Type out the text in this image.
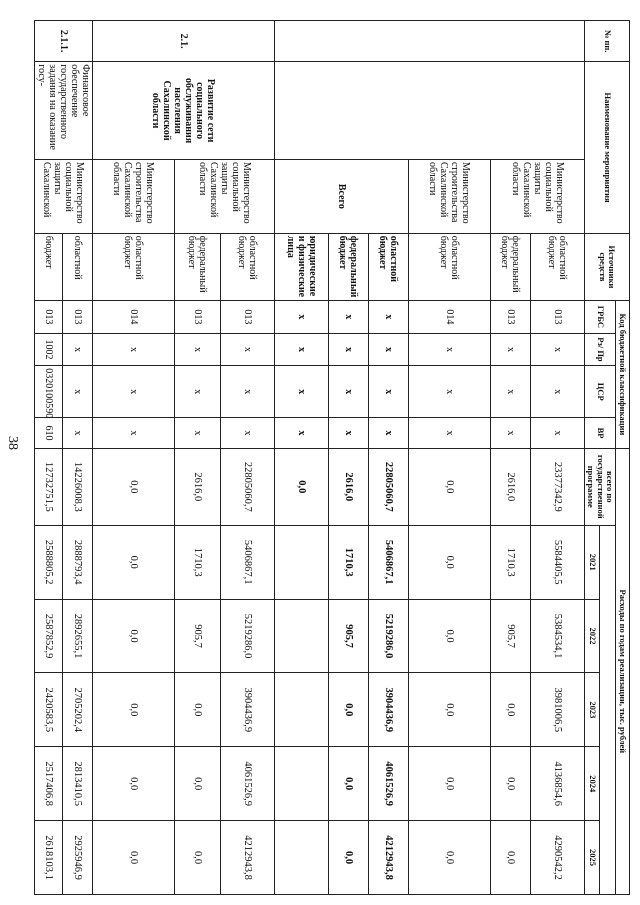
38
№ пп.	Наименование мероприятия		Источники средств	Код бюджетной классификации				Расходы по годам реализации, тыс. рублей					
				ГРБС	Рз/ Пр	ЦСР	ВР	всего по государственной программе					
									2021	2022	2023	2024	2025
		Министерство социальной защиты Сахалинской области	областной бюджет	013	x	x	x	23377342,9	5584405,5	5384534,1	3981006,5	4136854,6	4290542,2
			федеральный бюджет	013	x	x	x	2616,0	1710,3	905,7	0,0	0,0	0,0
		Министерство строительства Сахалинской области	областной бюджет	014	x	x	x	0,0	0,0	0,0	0,0	0,0	0,0
		Всего	областной бюджет	x	x	x	x	22805060,7	5406867,1	5219286,0	3904436,9	4061526,9	4212943,8
			федеральный бюджет	x	x	x	x	2616,0	1710,3	905,7	0,0	0,0	0,0
			юридические и физические лица	x	x	x	x	0,0					
2.1.	Развитие сети социального обслуживания населения Сахалинской области	Министерство социальной защиты Сахалинской области	областной бюджет	013	x	x	x	22805060,7	5406867,1	5219286,0	3904436,9	4061526,9	4212943,8
			федеральный бюджет	013	x	x	x	2616,0	1710,3	905,7	0,0	0,0	0,0
		Министерство строительства Сахалинской области	областной бюджет	014	x	x	x	0,0	0,0	0,0	0,0	0,0	0,0
2.1.1.	Финансовое обеспечение государственного задания на оказание госу-	Министерство социальной защиты Сахалинской	областной	013	x	x	x	14226008,3	2888793,4	2892655,1	2705202,4	2813410,5	2925946,9
			бюджет	013	1002	0320100590	610	12732751,5	2588805,2	2587852,9	2420583,5	2517406,8	2618103,1
